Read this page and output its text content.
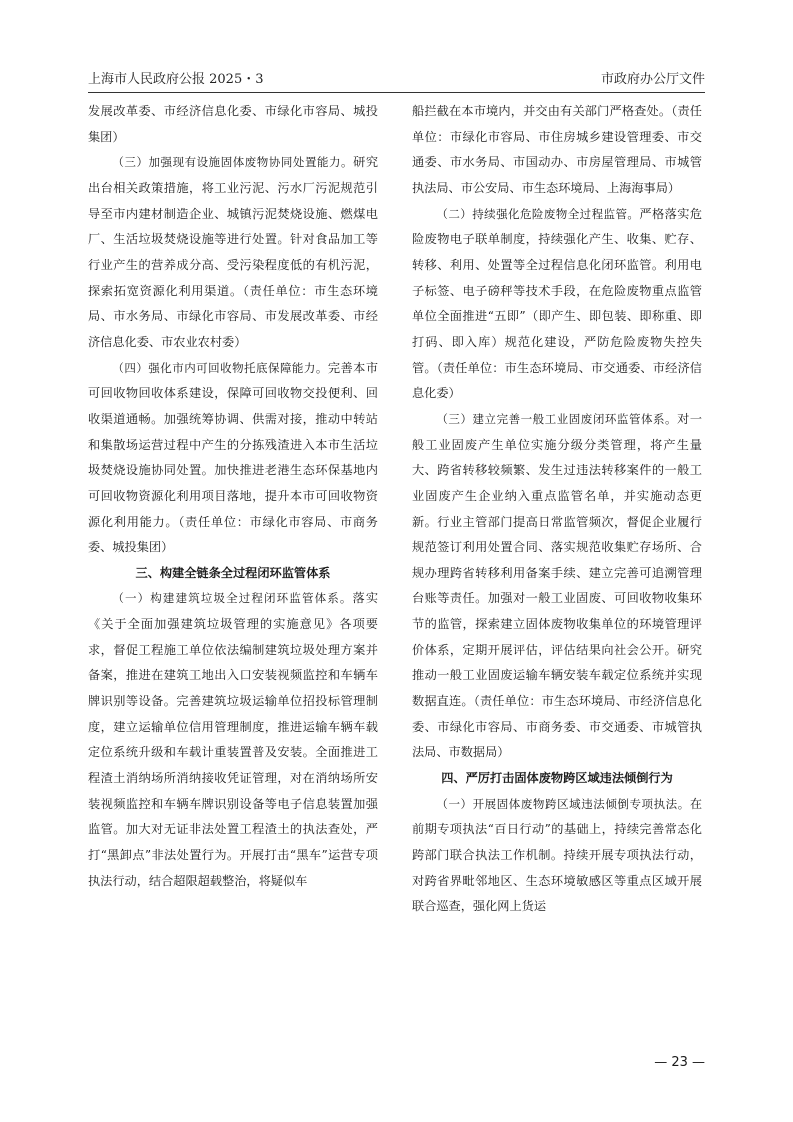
上海市人民政府公报 2025・3	市政府办公厅文件

发展改革委、市经济信息化委、市绿化市容局、城投集团）

（三）加强现有设施固体废物协同处置能力。研究出台相关政策措施，将工业污泥、污水厂污泥规范引导至市内建材制造企业、城镇污泥焚烧设施、燃煤电厂、生活垃圾焚烧设施等进行处置。针对食品加工等行业产生的营养成分高、受污染程度低的有机污泥，探索拓宽资源化利用渠道。（责任单位：市生态环境局、市水务局、市绿化市容局、市发展改革委、市经济信息化委、市农业农村委）

（四）强化市内可回收物托底保障能力。完善本市可回收物回收体系建设，保障可回收物交投便利、回收渠道通畅。加强统筹协调、供需对接，推动中转站和集散场运营过程中产生的分拣残渣进入本市生活垃圾焚烧设施协同处置。加快推进老港生态环保基地内可回收物资源化利用项目落地，提升本市可回收物资源化利用能力。（责任单位：市绿化市容局、市商务委、城投集团）

三、构建全链条全过程闭环监管体系

（一）构建建筑垃圾全过程闭环监管体系。落实《关于全面加强建筑垃圾管理的实施意见》各项要求，督促工程施工单位依法编制建筑垃圾处理方案并备案，推进在建筑工地出入口安装视频监控和车辆车牌识别等设备。完善建筑垃圾运输单位招投标管理制度，建立运输单位信用管理制度，推进运输车辆车载定位系统升级和车载计重装置普及安装。全面推进工程渣土消纳场所消纳接收凭证管理，对在消纳场所安装视频监控和车辆车牌识别设备等电子信息装置加强监管。加大对无证非法处置工程渣土的执法查处，严打“黑卸点”非法处置行为。开展打击“黑车”运营专项执法行动，结合超限超载整治，将疑似车

船拦截在本市境内，并交由有关部门严格查处。（责任单位：市绿化市容局、市住房城乡建设管理委、市交通委、市水务局、市国动办、市房屋管理局、市城管执法局、市公安局、市生态环境局、上海海事局）

（二）持续强化危险废物全过程监管。严格落实危险废物电子联单制度，持续强化产生、收集、贮存、转移、利用、处置等全过程信息化闭环监管。利用电子标签、电子磅秤等技术手段，在危险废物重点监管单位全面推进“五即”（即产生、即包装、即称重、即打码、即入库）规范化建设，严防危险废物失控失管。（责任单位：市生态环境局、市交通委、市经济信息化委）

（三）建立完善一般工业固废闭环监管体系。对一般工业固废产生单位实施分级分类管理，将产生量大、跨省转移较频繁、发生过违法转移案件的一般工业固废产生企业纳入重点监管名单，并实施动态更新。行业主管部门提高日常监管频次，督促企业履行规范签订利用处置合同、落实规范收集贮存场所、合规办理跨省转移利用备案手续、建立完善可追溯管理台账等责任。加强对一般工业固废、可回收物收集环节的监管，探索建立固体废物收集单位的环境管理评价体系，定期开展评估，评估结果向社会公开。研究推动一般工业固废运输车辆安装车载定位系统并实现数据直连。（责任单位：市生态环境局、市经济信息化委、市绿化市容局、市商务委、市交通委、市城管执法局、市数据局）

四、严厉打击固体废物跨区域违法倾倒行为

（一）开展固体废物跨区域违法倾倒专项执法。在前期专项执法“百日行动”的基础上，持续完善常态化跨部门联合执法工作机制。持续开展专项执法行动，对跨省界毗邻地区、生态环境敏感区等重点区域开展联合巡查，强化网上货运

— 23 —
